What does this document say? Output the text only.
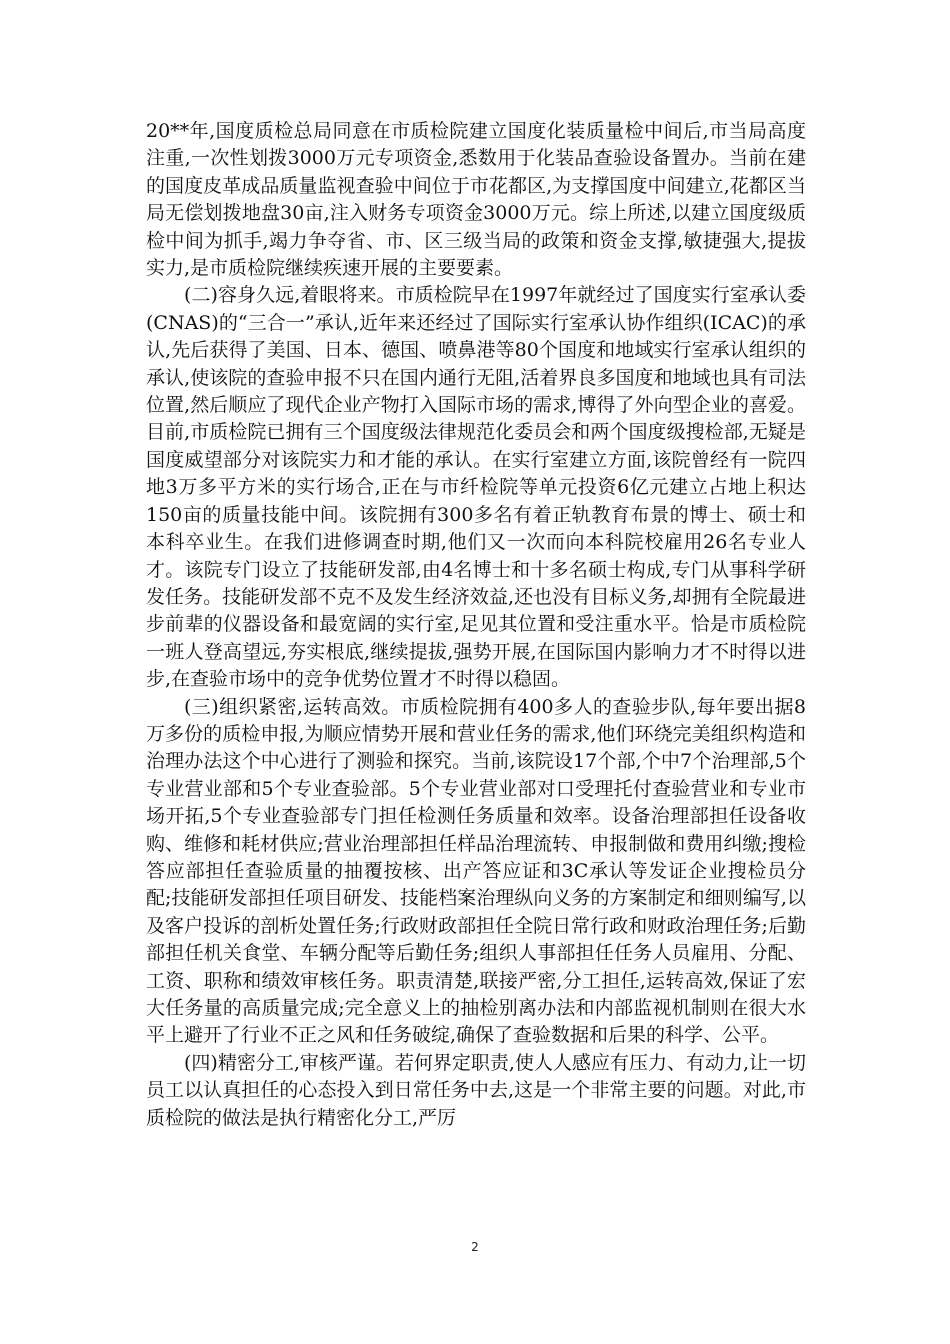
20**年,国度质检总局同意在市质检院建立国度化装质量检中间后,市当局高度注重,一次性划拨3000万元专项资金,悉数用于化装品查验设备置办。当前在建的国度皮革成品质量监视查验中间位于市花都区,为支撑国度中间建立,花都区当局无偿划拨地盘30亩,注入财务专项资金3000万元。综上所述,以建立国度级质检中间为抓手,竭力争夺省、市、区三级当局的政策和资金支撑,敏捷强大,提拔实力,是市质检院继续疾速开展的主要要素。

(二)容身久远,着眼将来。市质检院早在1997年就经过了国度实行室承认委(CNAS)的“三合一”承认,近年来还经过了国际实行室承认协作组织(ICAC)的承认,先后获得了美国、日本、德国、喷鼻港等80个国度和地域实行室承认组织的承认,使该院的查验申报不只在国内通行无阻,活着界良多国度和地域也具有司法位置,然后顺应了现代企业产物打入国际市场的需求,博得了外向型企业的喜爱。目前,市质检院已拥有三个国度级法律规范化委员会和两个国度级搜检部,无疑是国度威望部分对该院实力和才能的承认。在实行室建立方面,该院曾经有一院四地3万多平方米的实行场合,正在与市纤检院等单元投资6亿元建立占地上积达150亩的质量技能中间。该院拥有300多名有着正轨教育布景的博士、硕士和本科卒业生。在我们进修调查时期,他们又一次而向本科院校雇用26名专业人才。该院专门设立了技能研发部,由4名博士和十多名硕士构成,专门从事科学研发任务。技能研发部不克不及发生经济效益,还也没有目标义务,却拥有全院最进步前辈的仪器设备和最宽阔的实行室,足见其位置和受注重水平。恰是市质检院一班人登高望远,夯实根底,继续提拔,强势开展,在国际国内影响力才不时得以进步,在查验市场中的竞争优势位置才不时得以稳固。

(三)组织紧密,运转高效。市质检院拥有400多人的查验步队,每年要出据8万多份的质检申报,为顺应情势开展和营业任务的需求,他们环绕完美组织构造和治理办法这个中心进行了测验和探究。当前,该院设17个部,个中7个治理部,5个专业营业部和5个专业查验部。5个专业营业部对口受理托付查验营业和专业市场开拓,5个专业查验部专门担任检测任务质量和效率。设备治理部担任设备收购、维修和耗材供应;营业治理部担任样品治理流转、申报制做和费用纠缴;搜检答应部担任查验质量的抽覆按核、出产答应证和3C承认等发证企业搜检员分配;技能研发部担任项目研发、技能档案治理纵向义务的方案制定和细则编写,以及客户投诉的剖析处置任务;行政财政部担任全院日常行政和财政治理任务;后勤部担任机关食堂、车辆分配等后勤任务;组织人事部担任任务人员雇用、分配、工资、职称和绩效审核任务。职责清楚,联接严密,分工担任,运转高效,保证了宏大任务量的高质量完成;完全意义上的抽检别离办法和内部监视机制则在很大水平上避开了行业不正之风和任务破绽,确保了查验数据和后果的科学、公平。

(四)精密分工,审核严谨。若何界定职责,使人人感应有压力、有动力,让一切员工以认真担任的心态投入到日常任务中去,这是一个非常主要的问题。对此,市质检院的做法是执行精密化分工,严厉

2
